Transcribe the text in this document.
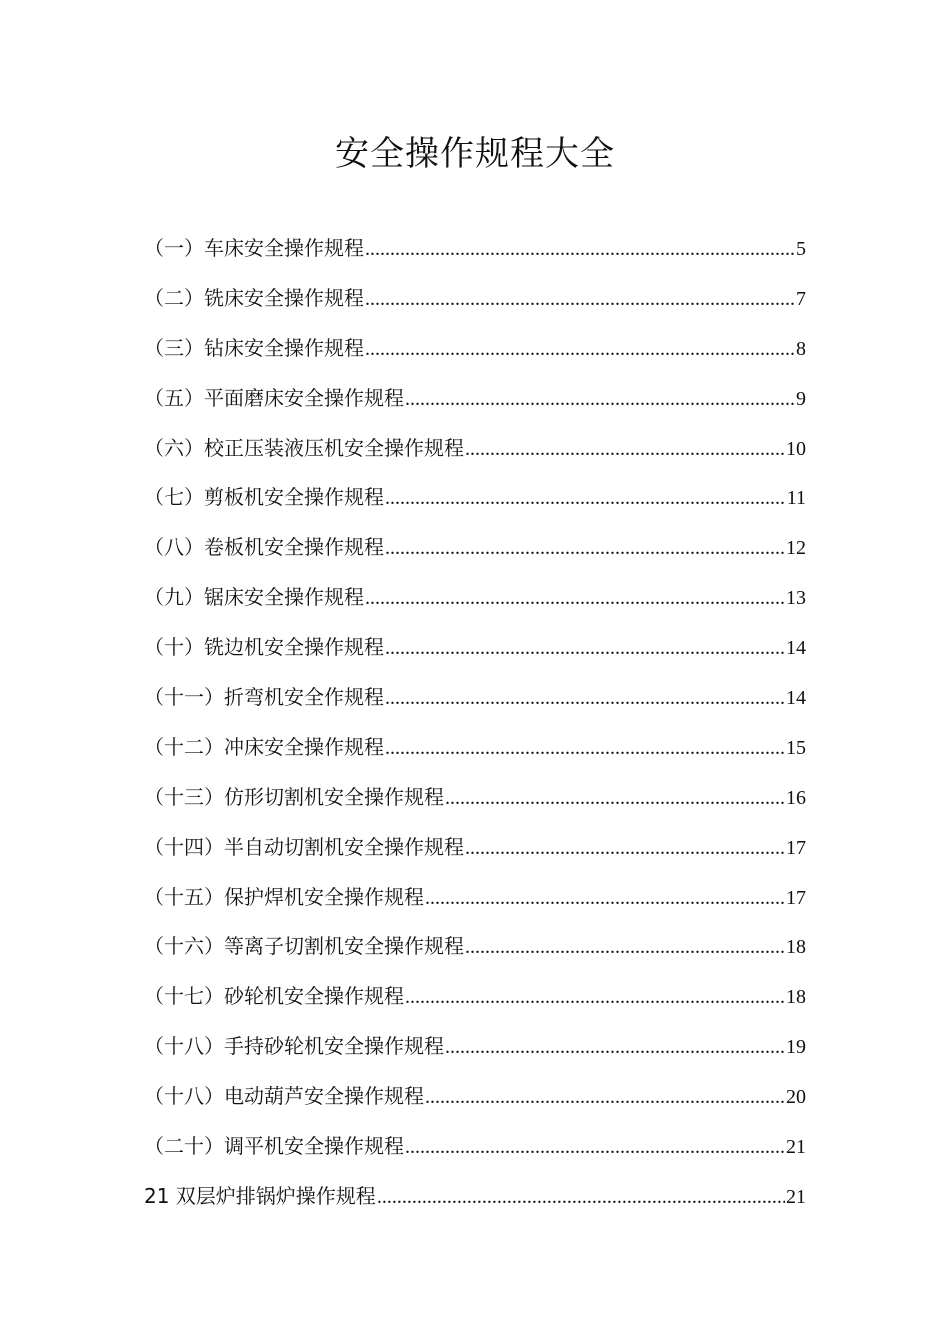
安全操作规程大全
（一）车床安全操作规程 .....	5
（二）铣床安全操作规程 .....	7
（三）钻床安全操作规程 .....	8
（五）平面磨床安全操作规程 .....	9
（六）校正压装液压机安全操作规程 .....	10
（七）剪板机安全操作规程 .....	11
（八）卷板机安全操作规程 .....	12
（九）锯床安全操作规程 .....	13
（十）铣边机安全操作规程 .....	14
（十一）折弯机安全作规程 .....	14
（十二）冲床安全操作规程 .....	15
（十三）仿形切割机安全操作规程 .....	16
（十四）半自动切割机安全操作规程 .....	17
（十五）保护焊机安全操作规程 .....	17
（十六）等离子切割机安全操作规程 .....	18
（十七）砂轮机安全操作规程 .....	18
（十八）手持砂轮机安全操作规程 .....	19
（十八）电动葫芦安全操作规程 .....	20
（二十）调平机安全操作规程 .....	21
21 双层炉排锅炉操作规程 .....	21
